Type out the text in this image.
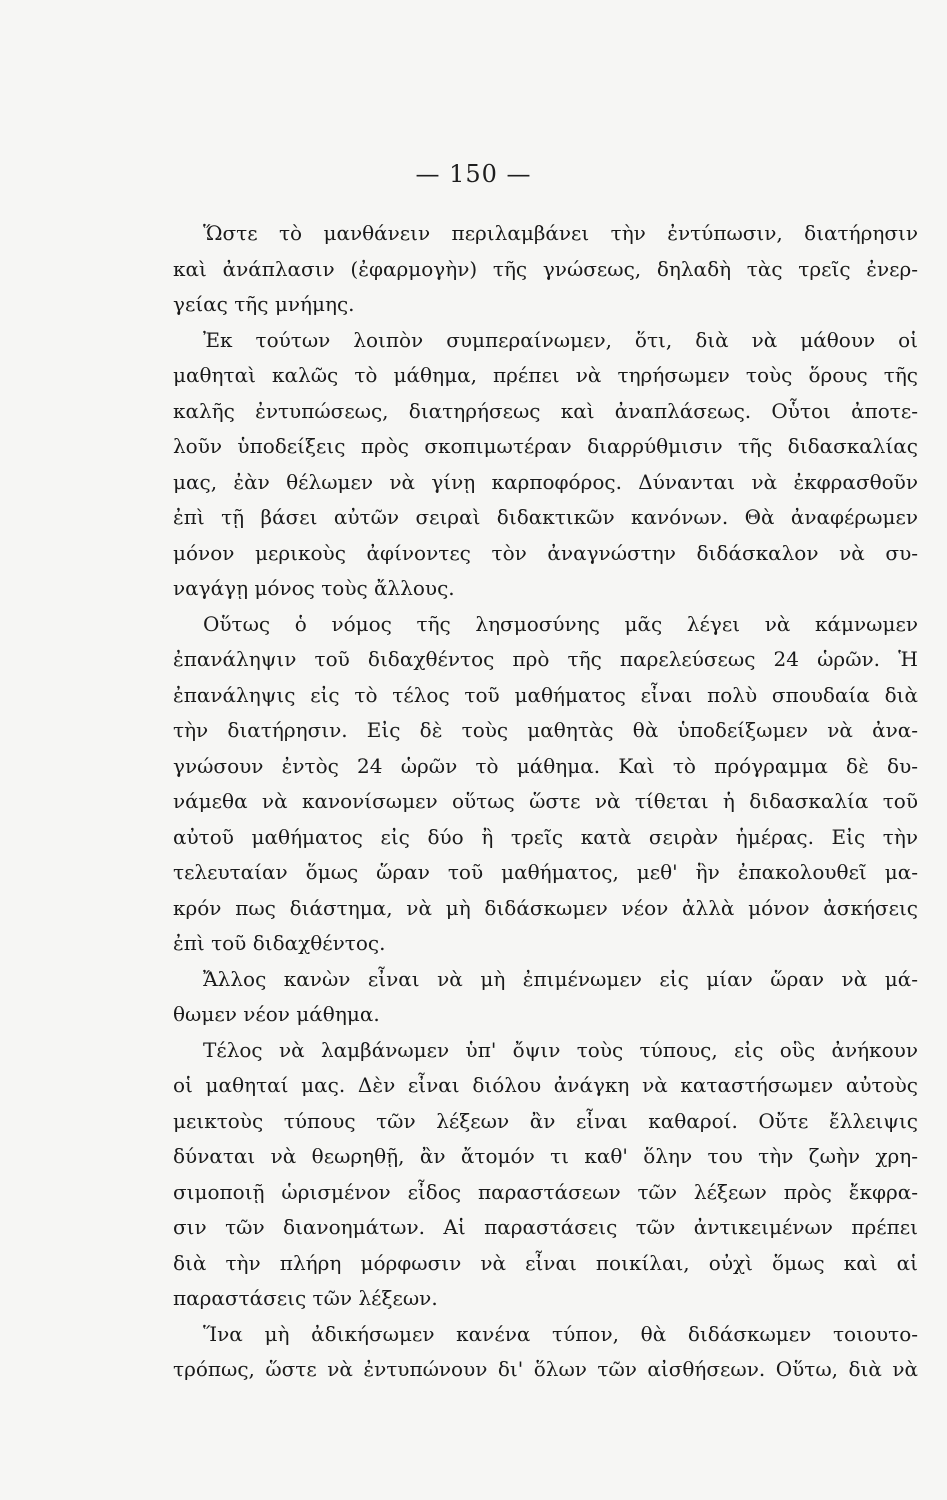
— 150 —
Ὥστε τὸ μανθάνειν περιλαμβάνει τὴν ἐντύπωσιν, διατήρησιν
καὶ ἀνάπλασιν (ἐφαρμογὴν) τῆς γνώσεως, δηλαδὴ τὰς τρεῖς ἐνερ-
γείας τῆς μνήμης.
Ἐκ τούτων λοιπὸν συμπεραίνωμεν, ὅτι, διὰ νὰ μάθουν οἱ
μαθηταὶ καλῶς τὸ μάθημα, πρέπει νὰ τηρήσωμεν τοὺς ὅρους τῆς
καλῆς ἐντυπώσεως, διατηρήσεως καὶ ἀναπλάσεως. Οὗτοι ἀποτε-
λοῦν ὑποδείξεις πρὸς σκοπιμωτέραν διαρρύθμισιν τῆς διδασκαλίας
μας, ἐὰν θέλωμεν νὰ γίνῃ καρποφόρος. Δύνανται νὰ ἐκφρασθοῦν
ἐπὶ τῇ βάσει αὐτῶν σειραὶ διδακτικῶν κανόνων. Θὰ ἀναφέρωμεν
μόνον μερικοὺς ἀφίνοντες τὸν ἀναγνώστην διδάσκαλον νὰ συ-
ναγάγῃ μόνος τοὺς ἄλλους.
Οὕτως ὁ νόμος τῆς λησμοσύνης μᾶς λέγει νὰ κάμνωμεν
ἐπανάληψιν τοῦ διδαχθέντος πρὸ τῆς παρελεύσεως 24 ὡρῶν. Ἡ
ἐπανάληψις εἰς τὸ τέλος τοῦ μαθήματος εἶναι πολὺ σπουδαία διὰ
τὴν διατήρησιν. Εἰς δὲ τοὺς μαθητὰς θὰ ὑποδείξωμεν νὰ ἀνα-
γνώσουν ἐντὸς 24 ὡρῶν τὸ μάθημα. Καὶ τὸ πρόγραμμα δὲ δυ-
νάμεθα νὰ κανονίσωμεν οὕτως ὥστε νὰ τίθεται ἡ διδασκαλία τοῦ
αὐτοῦ μαθήματος εἰς δύο ἢ τρεῖς κατὰ σειρὰν ἡμέρας. Εἰς τὴν
τελευταίαν ὅμως ὥραν τοῦ μαθήματος, μεθ' ἣν ἐπακολουθεῖ μα-
κρόν πως διάστημα, νὰ μὴ διδάσκωμεν νέον ἀλλὰ μόνον ἀσκήσεις
ἐπὶ τοῦ διδαχθέντος.
Ἄλλος κανὼν εἶναι νὰ μὴ ἐπιμένωμεν εἰς μίαν ὥραν νὰ μά-
θωμεν νέον μάθημα.
Τέλος νὰ λαμβάνωμεν ὑπ' ὄψιν τοὺς τύπους, εἰς οὓς ἀνήκουν
οἱ μαθηταί μας. Δὲν εἶναι διόλου ἀνάγκη νὰ καταστήσωμεν αὐτοὺς
μεικτοὺς τύπους τῶν λέξεων ἂν εἶναι καθαροί. Οὔτε ἔλλειψις
δύναται νὰ θεωρηθῇ, ἂν ἄτομόν τι καθ' ὅλην του τὴν ζωὴν χρη-
σιμοποιῇ ὡρισμένον εἶδος παραστάσεων τῶν λέξεων πρὸς ἔκφρα-
σιν τῶν διανοημάτων. Αἱ παραστάσεις τῶν ἀντικειμένων πρέπει
διὰ τὴν πλήρη μόρφωσιν νὰ εἶναι ποικίλαι, οὐχὶ ὅμως καὶ αἱ
παραστάσεις τῶν λέξεων.
Ἵνα μὴ ἀδικήσωμεν κανένα τύπον, θὰ διδάσκωμεν τοιουτο-
τρόπως, ὥστε νὰ ἐντυπώνουν δι' ὅλων τῶν αἰσθήσεων. Οὕτω, διὰ νὰ
